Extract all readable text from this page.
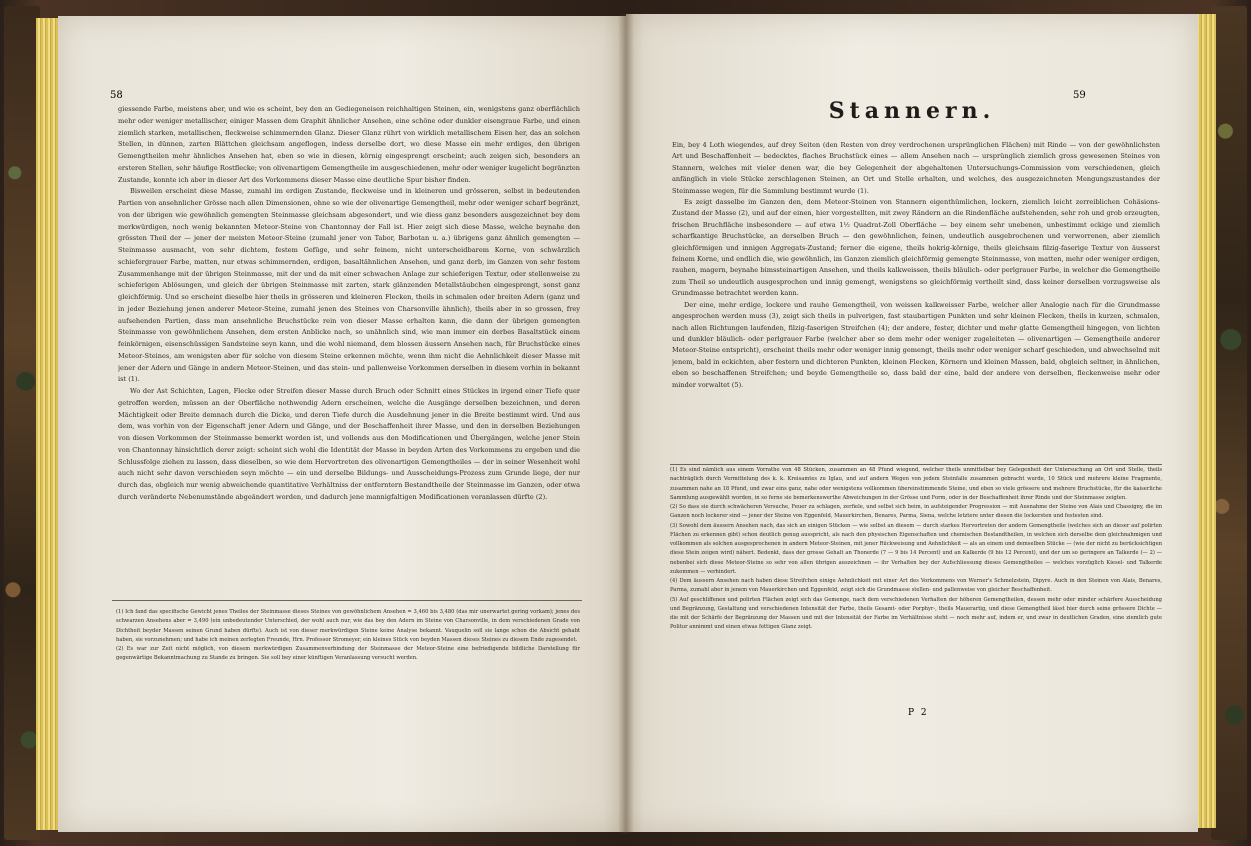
58	59

giessende Farbe, meistens aber, und wie es scheint, bey den an Gediegeneisen reichhaltigen Steinen, ein, wenigstens ganz oberflächlich mehr oder weniger metallischer, einiger Massen dem Graphit ähnlicher Ansehen, eine schöne oder dunkler eisengraue Farbe, und einen ziemlich starken, metallischen, fleckweise schimmernden Glanz. Dieser Glanz rührt von wirklich metallischem Eisen her, das an solchen Stellen, in dünnen, zarten Blättchen gleichsam angeflogen, indess derselbe dort, wo diese Masse ein mehr erdiges, den übrigen Gemengtheilen mehr ähnliches Ansehen hat, eben so wie in diesen, körnig eingesprengt erscheint; auch zeigen sich, besonders an ersteren Stellen, sehr häufige Rostflecke; von olivenartigem Gemengtheile im ausgeschiedenen, mehr oder weniger kugelicht begränzten Zustande, konnte ich aber in dieser Art des Vorkommens dieser Masse eine deutliche Spur bisher finden.

Bisweilen erscheint diese Masse, zumahl im erdigen Zustande, fleckweise und in kleineren und grösseren, selbst in bedeutenden Partien von ansehnlicher Grösse nach allen Dimensionen, ohne so wie der olivenartige Gemengtheil, mehr oder weniger scharf begränzt, von der übrigen wie gewöhnlich gemengten Steinmasse gleichsam abgesondert, und wie diess ganz besonders ausgezeichnet bey dem merkwürdigen, noch wenig bekannten Meteor-Steine von Chantonnay der Fall ist. Hier zeigt sich diese Masse, welche beynahe den grössten Theil der — jener der meisten Meteor-Steine (zumahl jener von Tabor, Barbotan u. a.) übrigens ganz ähnlich gemengten — Steinmasse ausmacht, von sehr dichtem, festem Gefüge, und sehr feinem, nicht unterscheidbarem Korne, von schwärzlich schiefergrauer Farbe, matten, nur etwas schimmernden, erdigen, basaltähnlichen Ansehen, und ganz derb, im Ganzen von sehr festem Zusammenhange mit der übrigen Steinmasse, mit der und da mit einer schwachen Anlage zur schieferigen Textur, oder stellenweise zu schieferigen Ablösungen, und gleich der übrigen Steinmasse mit zarten, stark glänzenden Metallstäubchen eingesprengt, sonst ganz gleichförmig. Und so erscheint dieselbe hier theils in grösseren und kleineren Flecken, theils in schmalen oder breiten Adern (ganz und in jeder Beziehung jenen anderer Meteor-Steine, zumahl jenen des Steines von Charsonville ähnlich), theils aber in so grossen, frey aufsehenden Partien, dass man ansehnliche Bruchstücke rein von dieser Masse erhalten kann, die dann der übrigen gemengten Steinmasse von gewöhnlichem Ansehen, dem ersten Anblicke nach, so unähnlich sind, wie man immer ein derbes Basaltstück einem feinkörnigen, eisenschüssigen Sandsteine seyn kann, und die wohl niemand, dem blossen äussern Ansehen nach, für Bruchstücke eines Meteor-Steines, am wenigsten aber für solche von diesem Steine erkennen möchte, wenn ihm nicht die Aehnlichkeit dieser Masse mit jener der Adern und Gänge in andern Meteor-Steinen, und das stein- und pallenweise Vorkommen derselben in diesem vorhin in bekannt ist (1).

Wo der Ast Schichten, Lagen, Flecke oder Streifen dieser Masse durch Bruch oder Schnitt eines Stückes in irgend einer Tiefe quer getroffen werden, müssen an der Oberfläche nothwendig Adern erscheinen, welche die Ausgänge derselben bezeichnen, und deren Mächtigkeit oder Breite demnach durch die Dicke, und deren Tiefe durch die Ausdehnung jener in die Breite bestimmt wird. Und aus dem, was vorhin von der Eigenschaft jener Adern und Gänge, und der Beschaffenheit ihrer Masse, und den in derselben Beziehungen von diesen Vorkommen der Steinmasse bemerkt worden ist, und vollends aus den Modificationen und Übergängen, welche jener Stein von Chantonnay hinsichtlich derer zeigt: scheint sich wohl die Identität der Masse in beyden Arten des Vorkommens zu ergeben und die Schlussfolge ziehen zu lassen, dass dieselben, so wie dem Hervortreten des olivenartigen Gemengtheiles — der in seiner Wesenheit wohl auch nicht sehr davon verschieden seyn möchte — ein und derselbe Bildungs- und Ausscheidungs-Prozess zum Grunde liege, der nur durch das, obgleich nur wenig abweichende quantitative Verhältniss der entferntern Bestandtheile der Steinmasse im Ganzen, oder etwa durch veränderte Nebenumstände abgeändert worden, und dadurch jene mannigfaltigen Modificationen veranlassen dürfte (2).

(1) Ich fand das specifische Gewicht jenes Theiles der Steinmasse dieses Steines von gewöhnlichem Ansehen = 3,460 bis 3,480 (das mir unerwartet gering vorkam); jenes des schwarzen Ansehens aber = 3,490 (ein unbedeutender Unterschied, der wohl auch nur, wie das bey den Adern im Steine von Charsonville, in dem verschiedenen Grade von Dichtheit beyder Massen seinen Grund haben dürfte). Auch ist von dieser merkwürdigen Steine keine Analyse bekannt. Vauquelin soll sie lange schon die Absicht gehabt haben, sie vorzunehmen; und habe ich meinen zerlegten Freunde, Hrn. Professor Stromeyer, ein kleines Stück von beyden Massen dieses Steines zu diesem Ende zugesendet.

(2) Es war zur Zeit nicht möglich, von diesem merkwürdigen Zusammenverbindung der Steinmasse der Meteor-Steine eine befriedigende bildliche Darstellung für gegenwärtige Bekanntmachung zu Stande zu bringen. Sie soll bey einer künftigen Veranlassung versucht werden.

Stannern.

Ein, bey 4 Loth wiegendes, auf drey Seiten (den Resten von drey verdrochenen ursprünglichen Flächen) mit Rinde — von der gewöhnlichsten Art und Beschaffenheit — bedecktes, flaches Bruchstück eines — allem Ansehen nach — ursprünglich ziemlich gross gewesenen Steines von Stannern, welches mit vieler denen war, die bey Gelegenheit der abgehaltenen Untersuchungs-Commission vom verschiedenen, gleich anfänglich in viele Stücke zerschlagenen Steinen, an Ort und Stelle erhalten, und welches, des ausgezeichneten Mengungszustandes der Steinmasse wegen, für die Sammlung bestimmt wurde (1).

Es zeigt dasselbe im Ganzen den, dem Meteor-Steinen von Stannern eigenthümlichen, lockern, ziemlich leicht zerreiblichen Cohäsions-Zustand der Masse (2), und auf der einen, hier vorgestellten, mit zwey Rändern an die Rindenfläche aufstehenden, sehr roh und grob erzeugten, frischen Bruchfläche insbesondere — auf etwa 1½ Quadrat-Zoll Oberfläche — bey einem sehr unebenen, unbestimmt eckige und ziemlich scharfkantige Bruchstücke, an derselben Bruch — den gewöhnlichen, feinen, undeutlich ausgebrochenen und verworrenen, aber ziemlich gleichförmigen und innigen Aggregats-Zustand; ferner die eigene, theils hokrig-körnige, theils gleichsam filzig-faserige Textur von äusserst feinem Korne, und endlich die, wie gewöhnlich, im Ganzen ziemlich gleichförmig gemengte Steinmasse, von matten, mehr oder weniger erdigen, rauhen, magern, beynahe bimssteinartigen Ansehen, und theils kalkweissen, theils bläulich- oder perlgrauer Farbe, in welcher die Gemengtheile zum Theil so undeutlich ausgesprochen und innig gemengt, wenigstens so gleichförmig vertheilt sind, dass keiner derselben vorzugsweise als Grundmasse betrachtet werden kann.

Der eine, mehr erdige, lockere und rauhe Gemengtheil, von weissen kalkweisser Farbe, welcher aller Analogie nach für die Grundmasse angesprochen werden muss (3), zeigt sich theils in pulverigen, fast staubartigen Punkten und sehr kleinen Flecken, theils in kurzen, schmalen, nach allen Richtungen laufenden, filzig-faserigen Streifchen (4); der andere, fester, dichter und mehr glatte Gemengtheil hingegen, von lichten und dunkler bläulich- oder perlgrauer Farbe (welcher aber so dem mehr oder weniger zugeleiteten — olivenartigen — Gemengtheile anderer Meteor-Steine entspricht), erscheint theils mehr oder weniger innig gemengt, theils mehr oder weniger scharf geschieden, und abwechselnd mit jenem, bald in eckichten, aber festern und dichteren Punkten, kleinen Flecken, Körnern und kleinen Massen, bald, obgleich seltner, in ähnlichen, eben so beschaffenen Streifchen; und beyde Gemengtheile so, dass bald der eine, bald der andere von derselben, fleckenweise mehr oder minder vorwaltet (5).

(1) Es sind nämlich aus einem Vorrathe von 48 Stücken, zusammen an 48 Pfund wiegend, welcher theils unmittelbar bey Gelegenheit der Untersuchung an Ort und Stelle, theils nachträglich durch Vermittelung des k. k. Kreisamtes zu Iglau, und auf andern Wegen von jedem Steinfalle zusammen gebracht wurde, 10 Stück und mehrere kleine Fragmente, zusammen nahe an 18 Pfund, und zwar eins ganz, nahe oder wenigstens vollkommen übereinstimmende Steine, und eben so viele grössere und mehrere Bruchstücke, für die kaiserliche Sammlung ausgewählt worden, in so ferne sie bemerkenswerthe Abweichungen in der Grösse und Form, oder in der Beschaffenheit ihrer Rinde und der Steinmasse zeigten.

(2) So dass sie durch schwächeren Versuche, Feuer zu schlagen, zerfiele, und selbst sich beim, in aufsteigender Progression — mit Ausnahme der Steine von Alais und Chassigny, die im Ganzen noch lockerer sind — jener der Steine von Eggenfeld, Mauerkirchen, Benares, Parma, Siena, welche letztere unter diesen die lockersten und festesten sind.

(3) Sowohl dem äussern Ansehen nach, das sich an einigen Stücken — wie selbst an diesem — durch starkes Hervortreten der andern Gemengtheile (welches sich an dieser auf polirten Flächen zu erkennen gibt) schon deutlich genug ausspricht, als nach den physischen Eigenschaften und chemischen Bestandtheilen, in welchen sich derselbe dem gleichnahmigen und vollkommen als solchen ausgesprochenen in andern Meteor-Steinen, mit jener Rückweisung und Aehnlichkeit — als an einem und demselben Stücke — (wie der nicht zu berücksichtigen diese Stein zeigen wird) nähert. Bedenkt, dass der grosse Gehalt an Thonerde (7 — 9 bis 14 Percent) und an Kalkerde (9 bis 12 Percent), und der um so geringere an Talkerde (— 2) — nebenbei sich diese Meteor-Steine so sehr von allen übrigen auszeichnen — ihr Verhalten bey der Aufschliessung dieses Gemengtheiles — welches vorzüglich Kiesel- und Talkerde zukommen — verhindert.

(4) Dem äussern Ansehen nach haben diese Streifchen einige Aehnlichkeit mit einer Art des Vorkommens von Werner's Schmelzstein, Dipyre. Auch in den Steinen von Alais, Benares, Parma, zumahl aber in jenem von Mauerkirchen und Eggenfeld, zeigt sich die Grundmasse stellen- und pallenweise von gleicher Beschaffenheit.

(5) Auf geschliffenen und polirten Flächen zeigt sich das Gemenge, nach dem verschiedenen Verhalten der höheren Gemengtheilen, dessen mehr oder minder schärfere Ausscheidung und Begränzung, Gestaltung und verschiedenen Intensität der Farbe, theils Gesamt- oder Porphyr-, theils Mauerartig, und diese Gemengtheil lässt hier durch seine grössere Dichte — die mit der Schärfe der Begränzung der Massen und mit der Intensität der Farbe im Verhältnisse steht — noch mehr auf, indem er, und zwar in deutlichen Graden, eine ziemlich gute Politur annimmt und einen etwas fettigen Glanz zeigt.

P 2
